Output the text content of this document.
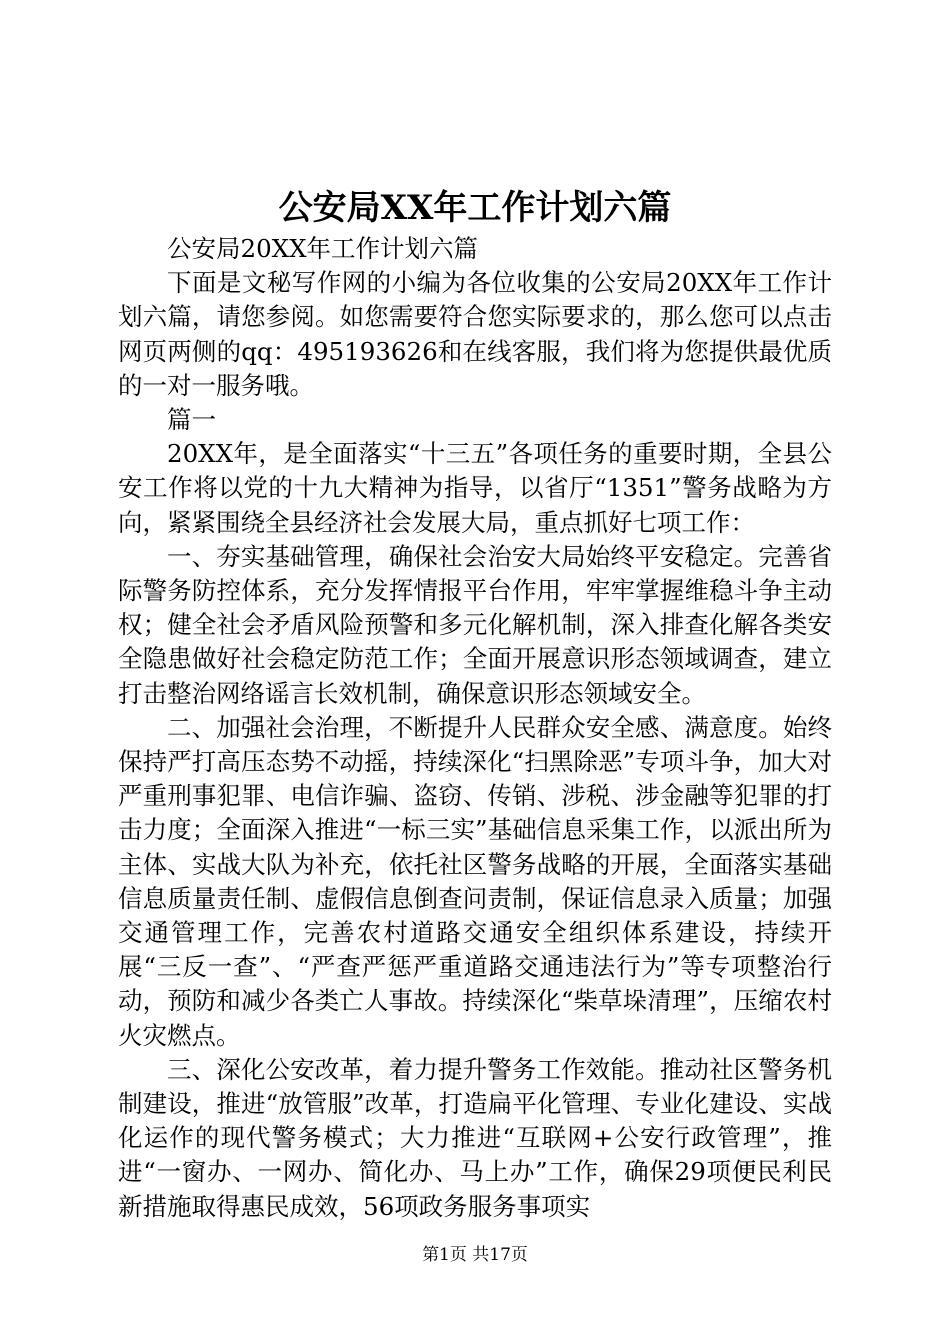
公安局XX年工作计划六篇

公安局20XX年工作计划六篇

下面是文秘写作网的小编为各位收集的公安局20XX年工作计划六篇，请您参阅。如您需要符合您实际要求的，那么您可以点击网页两侧的qq：495193626和在线客服，我们将为您提供最优质的一对一服务哦。

篇一

20XX年，是全面落实“十三五”各项任务的重要时期，全县公安工作将以党的十九大精神为指导，以省厅“1351”警务战略为方向，紧紧围绕全县经济社会发展大局，重点抓好七项工作：

一、夯实基础管理，确保社会治安大局始终平安稳定。完善省际警务防控体系，充分发挥情报平台作用，牢牢掌握维稳斗争主动权；健全社会矛盾风险预警和多元化解机制，深入排查化解各类安全隐患做好社会稳定防范工作；全面开展意识形态领域调查，建立打击整治网络谣言长效机制，确保意识形态领域安全。

二、加强社会治理，不断提升人民群众安全感、满意度。始终保持严打高压态势不动摇，持续深化“扫黑除恶”专项斗争，加大对严重刑事犯罪、电信诈骗、盗窃、传销、涉税、涉金融等犯罪的打击力度；全面深入推进“一标三实”基础信息采集工作，以派出所为主体、实战大队为补充，依托社区警务战略的开展，全面落实基础信息质量责任制、虚假信息倒查问责制，保证信息录入质量；加强交通管理工作，完善农村道路交通安全组织体系建设，持续开展“三反一查”、“严查严惩严重道路交通违法行为”等专项整治行动，预防和减少各类亡人事故。持续深化“柴草垛清理”，压缩农村火灾燃点。

三、深化公安改革，着力提升警务工作效能。推动社区警务机制建设，推进“放管服”改革，打造扁平化管理、专业化建设、实战化运作的现代警务模式；大力推进“互联网+公安行政管理”，推进“一窗办、一网办、简化办、马上办”工作，确保29项便民利民新措施取得惠民成效，56项政务服务事项实

第1页 共17页
